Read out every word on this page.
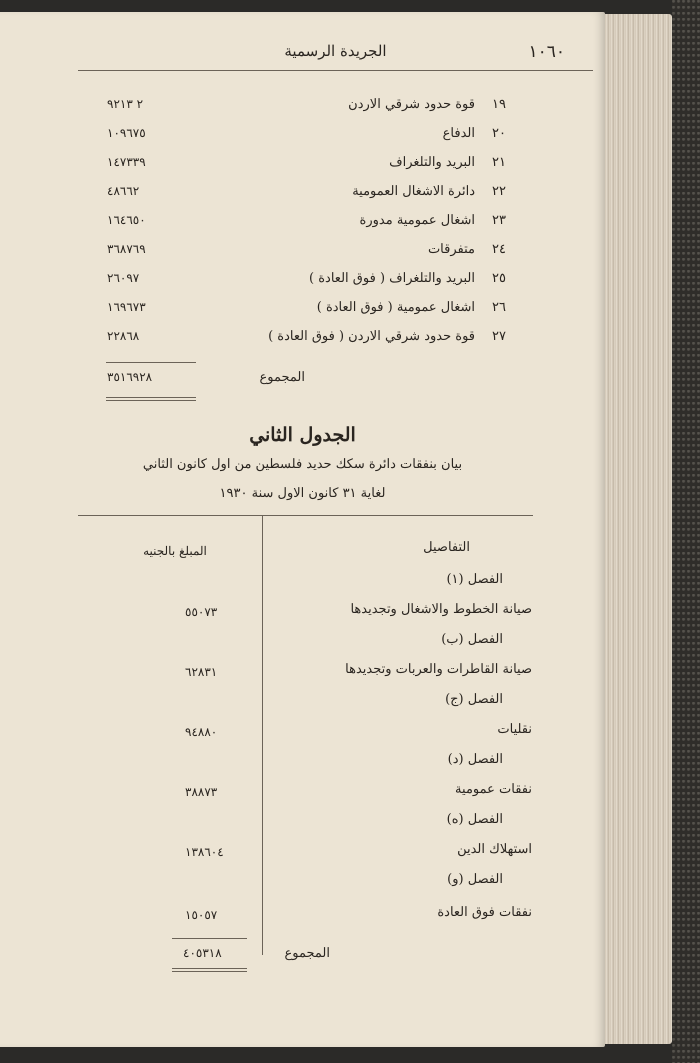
١٠٦٠
الجريدة الرسمية
١٩
قوة حدود شرقي الاردن
٢ ٩٢١٣
٢٠
الدفاع
١٠٩٦٧٥
٢١
البريد والتلغراف
١٤٧٣٣٩
٢٢
دائرة الاشغال العمومية
٤٨٦٦٢
٢٣
اشغال عمومية مدورة
١٦٤٦٥٠
٢٤
متفرقات
٣٦٨٧٦٩
٢٥
البريد والتلغراف ( فوق العادة )
٢٦٠٩٧
٢٦
اشغال عمومية ( فوق العادة )
١٦٩٦٧٣
٢٧
قوة حدود شرقي الاردن ( فوق العادة )
٢٢٨٦٨
المجموع
٣٥١٦٩٢٨
الجدول الثاني
بيان بنفقات دائرة سكك حديد فلسطين من اول كانون الثاني
لغاية ٣١ كانون الاول سنة ١٩٣٠
التفاصيل
المبلغ بالجنيه
الفصل (١)
صيانة الخطوط والاشغال وتجديدها
٥٥٠٧٣
الفصل (ب)
صيانة القاطرات والعربات وتجديدها
٦٢٨٣١
الفصل (ج)
نقليات
٩٤٨٨٠
الفصل (د)
نفقات عمومية
٣٨٨٧٣
الفصل (ه)
استهلاك الدين
١٣٨٦٠٤
الفصل (و)
نفقات فوق العادة
١٥٠٥٧
المجموع
٤٠٥٣١٨
